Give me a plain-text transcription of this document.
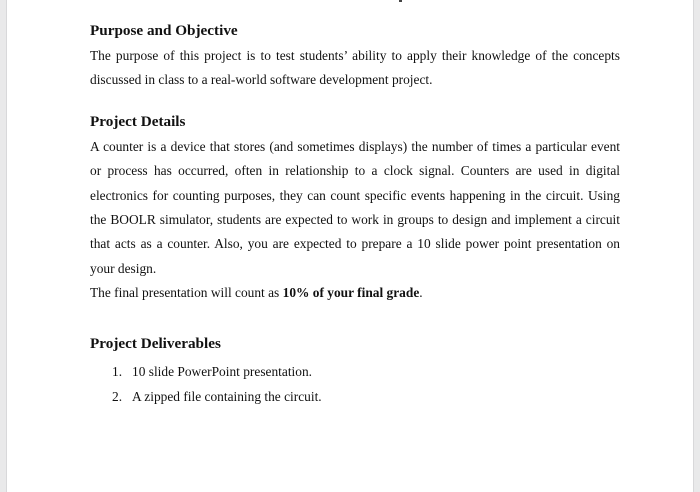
Purpose and Objective

The purpose of this project is to test students’ ability to apply their knowledge of the concepts discussed in class to a real-world software development project.

Project Details

A counter is a device that stores (and sometimes displays) the number of times a particular event or process has occurred, often in relationship to a clock signal. Counters are used in digital electronics for counting purposes, they can count specific events happening in the circuit. Using the BOOLR simulator, students are expected to work in groups to design and implement a circuit that acts as a counter. Also, you are expected to prepare a 10 slide power point presentation on your design.

The final presentation will count as 10% of your final grade.

Project Deliverables
1. 10 slide PowerPoint presentation.
2. A zipped file containing the circuit.
